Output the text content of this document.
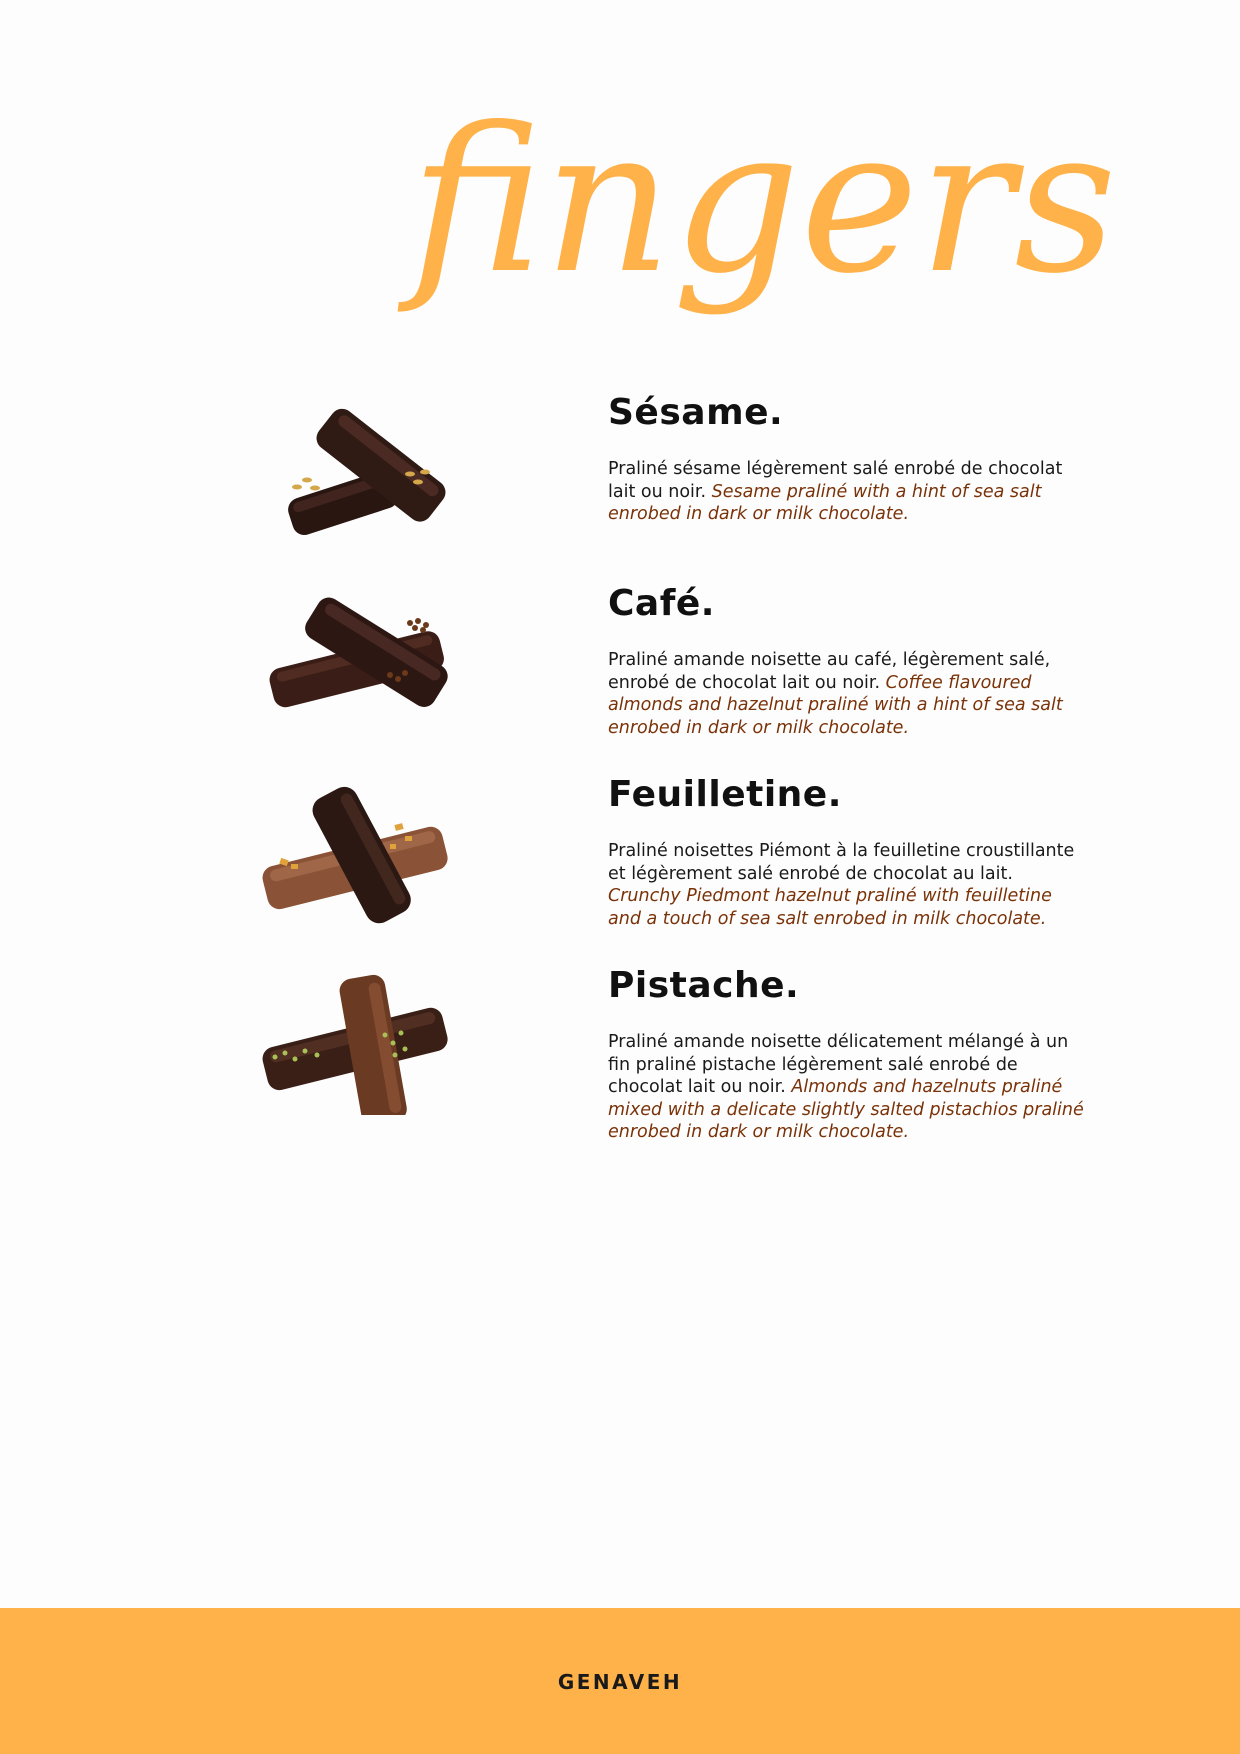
fingers
Sésame.
Praliné sésame légèrement salé enrobé de chocolat lait ou noir. Sesame praliné with a hint of sea salt enrobed in dark or milk chocolate.
Café.
Praliné amande noisette au café, légèrement salé, enrobé de chocolat lait ou noir. Coffee flavoured almonds and hazelnut praliné with a hint of sea salt enrobed in dark or milk chocolate.
Feuilletine.
Praliné noisettes Piémont à la feuilletine croustillante et légèrement salé enrobé de chocolat au lait. Crunchy Piedmont hazelnut praliné with feuilletine and a touch of sea salt enrobed in milk chocolate.
Pistache.
Praliné amande noisette délicatement mélangé à un fin praliné pistache légèrement salé enrobé de chocolat lait ou noir. Almonds and hazelnuts praliné mixed with a delicate slightly salted pistachios praliné enrobed in dark or milk chocolate.
GENAVEH
